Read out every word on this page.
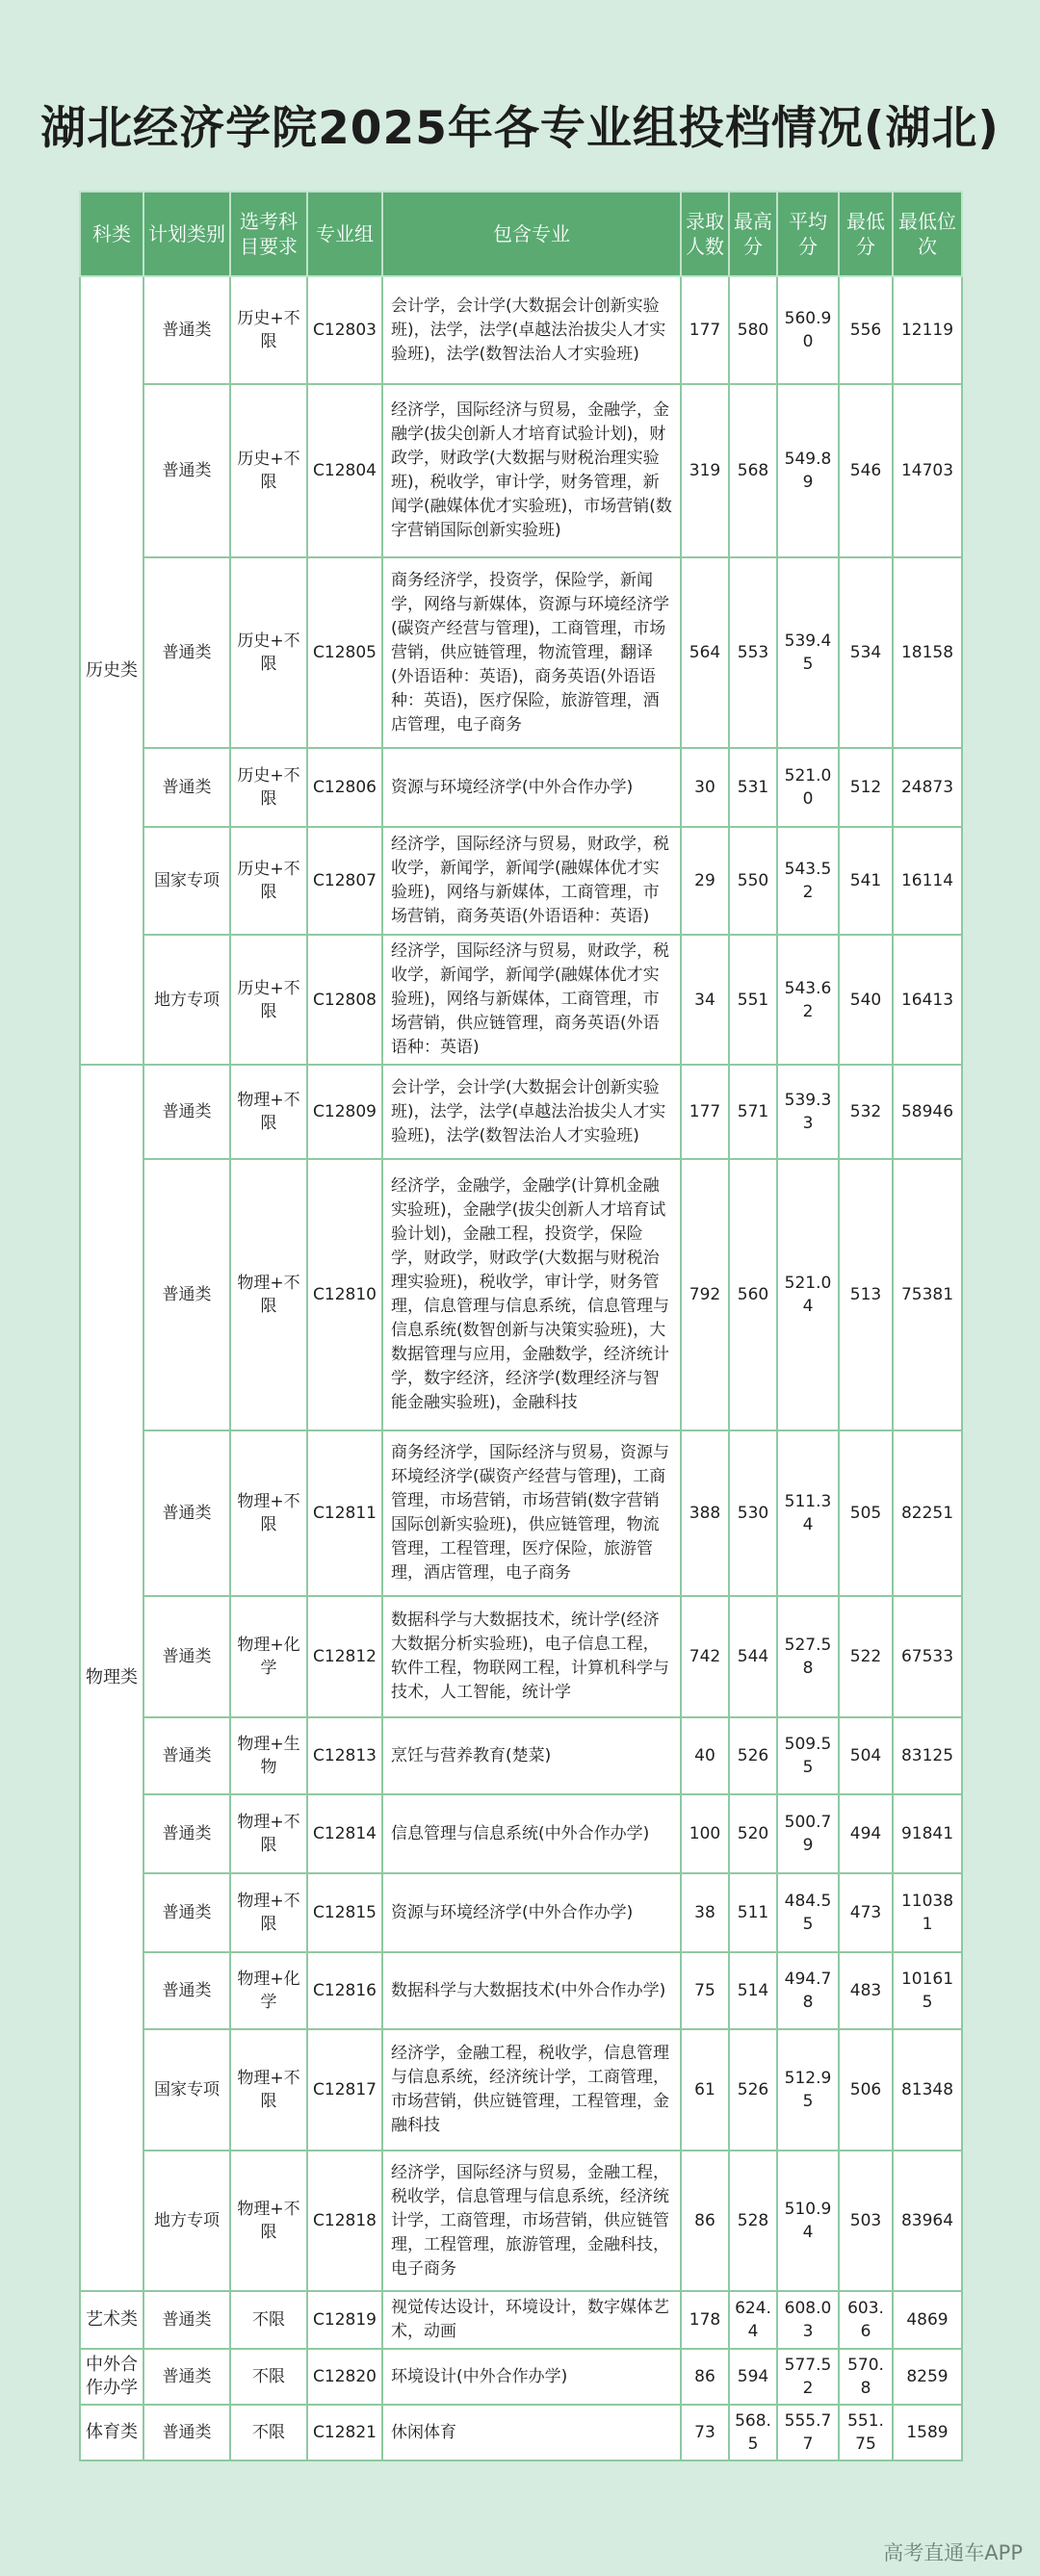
湖北经济学院2025年各专业组投档情况(湖北)
科类	计划类别	选考科目要求	专业组	包含专业	录取人数	最高分	平均分	最低分	最低位次
历史类	普通类	历史+不限	C12803	会计学，会计学(大数据会计创新实验班)，法学，法学(卓越法治拔尖人才实验班)，法学(数智法治人才实验班)	177	580	560.90	556	12119
	普通类	历史+不限	C12804	经济学，国际经济与贸易，金融学，金融学(拔尖创新人才培育试验计划)，财政学，财政学(大数据与财税治理实验班)，税收学，审计学，财务管理，新闻学(融媒体优才实验班)，市场营销(数字营销国际创新实验班)	319	568	549.89	546	14703
	普通类	历史+不限	C12805	商务经济学，投资学，保险学，新闻学，网络与新媒体，资源与环境经济学(碳资产经营与管理)，工商管理，市场营销，供应链管理，物流管理，翻译(外语语种：英语)，商务英语(外语语种：英语)，医疗保险，旅游管理，酒店管理，电子商务	564	553	539.45	534	18158
	普通类	历史+不限	C12806	资源与环境经济学(中外合作办学)	30	531	521.00	512	24873
	国家专项	历史+不限	C12807	经济学，国际经济与贸易，财政学，税收学，新闻学，新闻学(融媒体优才实验班)，网络与新媒体，工商管理，市场营销，商务英语(外语语种：英语)	29	550	543.52	541	16114
	地方专项	历史+不限	C12808	经济学，国际经济与贸易，财政学，税收学，新闻学，新闻学(融媒体优才实验班)，网络与新媒体，工商管理，市场营销，供应链管理，商务英语(外语语种：英语)	34	551	543.62	540	16413
物理类	普通类	物理+不限	C12809	会计学，会计学(大数据会计创新实验班)，法学，法学(卓越法治拔尖人才实验班)，法学(数智法治人才实验班)	177	571	539.33	532	58946
	普通类	物理+不限	C12810	经济学，金融学，金融学(计算机金融实验班)，金融学(拔尖创新人才培育试验计划)，金融工程，投资学，保险学，财政学，财政学(大数据与财税治理实验班)，税收学，审计学，财务管理，信息管理与信息系统，信息管理与信息系统(数智创新与决策实验班)，大数据管理与应用，金融数学，经济统计学，数字经济，经济学(数理经济与智能金融实验班)，金融科技	792	560	521.04	513	75381
	普通类	物理+不限	C12811	商务经济学，国际经济与贸易，资源与环境经济学(碳资产经营与管理)，工商管理，市场营销，市场营销(数字营销国际创新实验班)，供应链管理，物流管理，工程管理，医疗保险，旅游管理，酒店管理，电子商务	388	530	511.34	505	82251
	普通类	物理+化学	C12812	数据科学与大数据技术，统计学(经济大数据分析实验班)，电子信息工程，软件工程，物联网工程，计算机科学与技术，人工智能，统计学	742	544	527.58	522	67533
	普通类	物理+生物	C12813	烹饪与营养教育(楚菜)	40	526	509.55	504	83125
	普通类	物理+不限	C12814	信息管理与信息系统(中外合作办学)	100	520	500.79	494	91841
	普通类	物理+不限	C12815	资源与环境经济学(中外合作办学)	38	511	484.55	473	110381
	普通类	物理+化学	C12816	数据科学与大数据技术(中外合作办学)	75	514	494.78	483	101615
	国家专项	物理+不限	C12817	经济学，金融工程，税收学，信息管理与信息系统，经济统计学，工商管理，市场营销，供应链管理，工程管理，金融科技	61	526	512.95	506	81348
	地方专项	物理+不限	C12818	经济学，国际经济与贸易，金融工程，税收学，信息管理与信息系统，经济统计学，工商管理，市场营销，供应链管理，工程管理，旅游管理，金融科技，电子商务	86	528	510.94	503	83964
艺术类	普通类	不限	C12819	视觉传达设计，环境设计，数字媒体艺术，动画	178	624.4	608.03	603.6	4869
中外合作办学	普通类	不限	C12820	环境设计(中外合作办学)	86	594	577.52	570.8	8259
体育类	普通类	不限	C12821	休闲体育	73	568.5	555.77	551.75	1589
高考直通车APP
